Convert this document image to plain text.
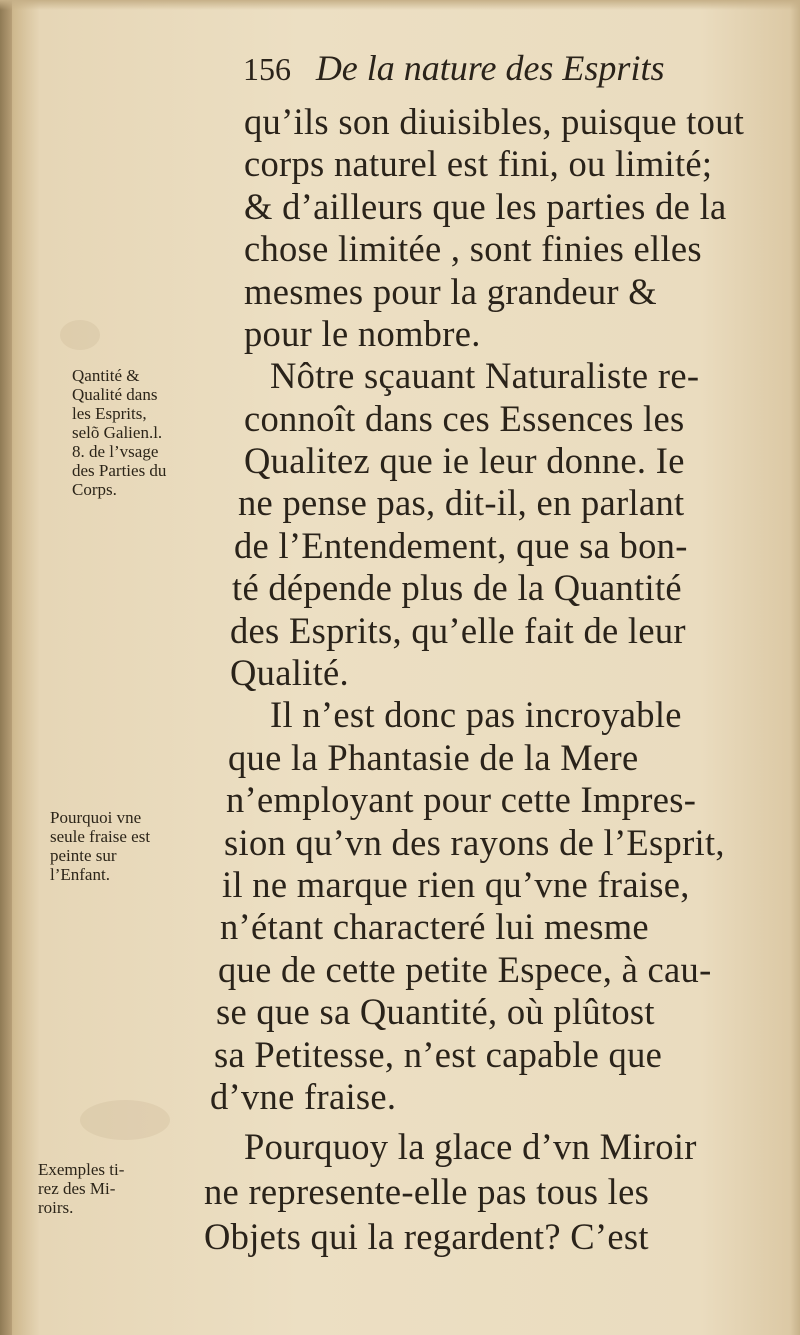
156 De la nature des Esprits
qu’ils son diuisibles, puisque tout
corps naturel est fini, ou limité;
& d’ailleurs que les parties de la
chose limitée , sont finies elles
mesmes pour la grandeur &
pour le nombre.
Nôtre sçauant Naturaliste re-
connoît dans ces Essences les
Qualitez que ie leur donne. Ie
ne pense pas, dit-il, en parlant
de l’Entendement, que sa bon-
té dépende plus de la Quantité
des Esprits, qu’elle fait de leur
Qualité.
Il n’est donc pas incroyable
que la Phantasie de la Mere
n’employant pour cette Impres-
sion qu’vn des rayons de l’Esprit,
il ne marque rien qu’vne fraise,
n’étant characteré lui mesme
que de cette petite Espece, à cau-
se que sa Quantité, où plûtost
sa Petitesse, n’est capable que
d’vne fraise.
Pourquoy la glace d’vn Miroir
ne represente-elle pas tous les
Objets qui la regardent? C’est
Qantité &
Qualité dans
les Esprits,
selõ Galien.l.
8. de l’vsage
des Parties du
Corps.
Pourquoi vne
seule fraise est
peinte sur
l’Enfant.
Exemples ti-
rez des Mi-
roirs.
